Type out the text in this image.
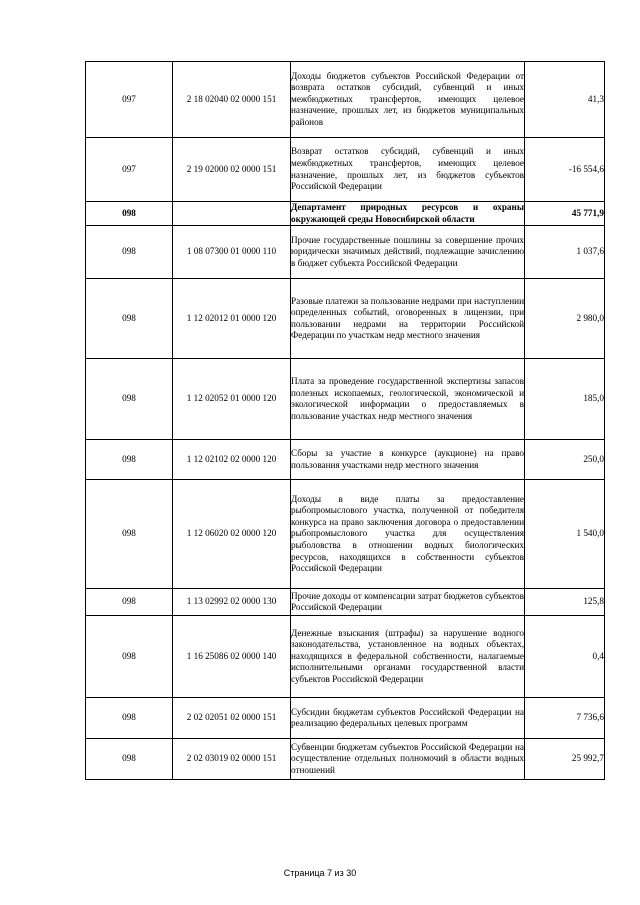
097	2 18 02040 02 0000 151	Доходы бюджетов субъектов Российской Федерации от возврата остатков субсидий, субвенций и иных межбюджетных трансфертов, имеющих целевое назначение, прошлых лет, из бюджетов муниципальных районов	41,3
097	2 19 02000 02 0000 151	Возврат остатков субсидий, субвенций и иных межбюджетных трансфертов, имеющих целевое назначение, прошлых лет, из бюджетов субъектов Российской Федерации	-16 554,6
098		Департамент природных ресурсов и охраны окружающей среды Новосибирской области	45 771,9
098	1 08 07300 01 0000 110	Прочие государственные пошлины за совершение прочих юридически значимых действий, подлежащие зачислению в бюджет субъекта Российской Федерации	1 037,6
098	1 12 02012 01 0000 120	Разовые платежи за пользование недрами при наступлении определенных событий, оговоренных в лицензии, при пользовании недрами на территории Российской Федерации по участкам недр местного значения	2 980,0
098	1 12 02052 01 0000 120	Плата за проведение государственной экспертизы запасов полезных ископаемых, геологической, экономической и экологической информации о предоставляемых в пользование участках недр местного значения	185,0
098	1 12 02102 02 0000 120	Сборы за участие в конкурсе (аукционе) на право пользования участками недр местного значения	250,0
098	1 12 06020 02 0000 120	Доходы в виде платы за предоставление рыбопромыслового участка, полученной от победителя конкурса на право заключения договора о предоставлении рыбопромыслового участка для осуществления рыболовства в отношении водных биологических ресурсов, находящихся в собственности субъектов Российской Федерации	1 540,0
098	1 13 02992 02 0000 130	Прочие доходы от компенсации затрат бюджетов субъектов Российской Федерации	125,8
098	1 16 25086 02 0000 140	Денежные взыскания (штрафы) за нарушение водного законодательства, установленное на водных объектах, находящихся в федеральной собственности, налагаемые исполнительными органами государственной власти субъектов Российской Федерации	0,4
098	2 02 02051 02 0000 151	Субсидии бюджетам субъектов Российской Федерации на реализацию федеральных целевых программ	7 736,6
098	2 02 03019 02 0000 151	Субвенции бюджетам субъектов Российской Федерации на осуществление отдельных полномочий в области водных отношений	25 992,7
Страница 7 из 30
